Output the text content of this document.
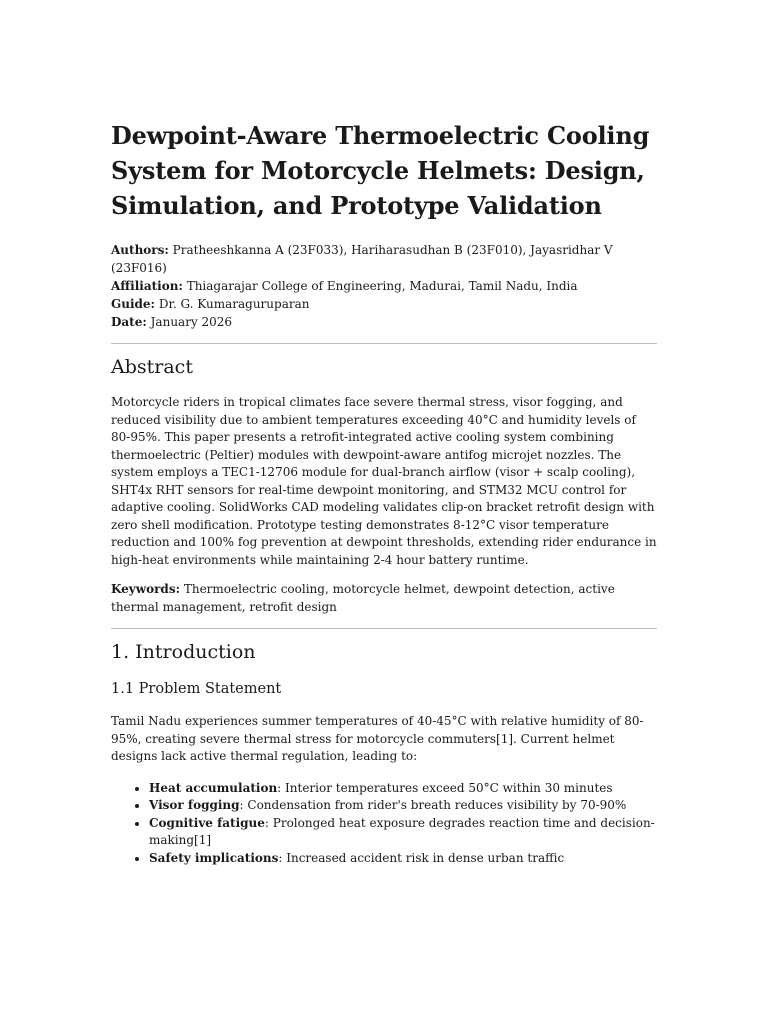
Dewpoint-Aware Thermoelectric Cooling System for Motorcycle Helmets: Design, Simulation, and Prototype Validation

Authors: Pratheeshkanna A (23F033), Hariharasudhan B (23F010), Jayasridhar V (23F016)

Affiliation: Thiagarajar College of Engineering, Madurai, Tamil Nadu, India

Guide: Dr. G. Kumaraguruparan

Date: January 2026

Abstract

Motorcycle riders in tropical climates face severe thermal stress, visor fogging, and reduced visibility due to ambient temperatures exceeding 40°C and humidity levels of 80-95%. This paper presents a retrofit-integrated active cooling system combining thermoelectric (Peltier) modules with dewpoint-aware antifog microjet nozzles. The system employs a TEC1-12706 module for dual-branch airflow (visor + scalp cooling), SHT4x RHT sensors for real-time dewpoint monitoring, and STM32 MCU control for adaptive cooling. SolidWorks CAD modeling validates clip-on bracket retrofit design with zero shell modification. Prototype testing demonstrates 8-12°C visor temperature reduction and 100% fog prevention at dewpoint thresholds, extending rider endurance in high-heat environments while maintaining 2-4 hour battery runtime.

Keywords: Thermoelectric cooling, motorcycle helmet, dewpoint detection, active thermal management, retrofit design

1. Introduction
1.1 Problem Statement

Tamil Nadu experiences summer temperatures of 40-45°C with relative humidity of 80-95%, creating severe thermal stress for motorcycle commuters[1]. Current helmet designs lack active thermal regulation, leading to:

• Heat accumulation: Interior temperatures exceed 50°C within 30 minutes
• Visor fogging: Condensation from rider's breath reduces visibility by 70-90%
• Cognitive fatigue: Prolonged heat exposure degrades reaction time and decision-making[1]
• Safety implications: Increased accident risk in dense urban traffic
